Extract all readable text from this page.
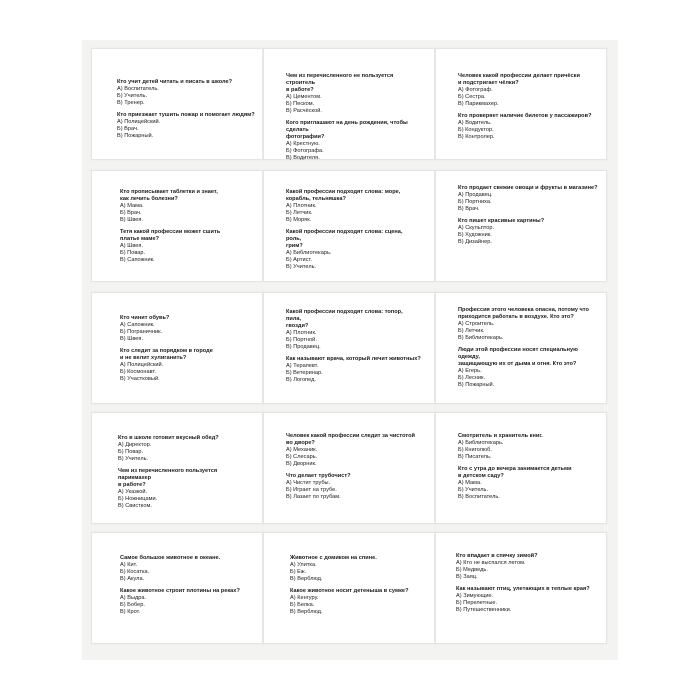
Кто учит детей читать и писать в школе?
А) Воспитатель.
Б) Учитель.
В) Тренер.
Кто приезжает тушить пожар и помогает людям?
А) Полицейский.
Б) Врач.
В) Пожарный.
Чем из перечисленного не пользуется строитель
в работе?
А) Цементом.
Б) Песком.
В) Расчёской.
Кого приглашают на день рождения, чтобы сделать
фотографии?
А) Крестную.
Б) Фотографа.
В) Водителя.
Человек какой профессии делает причёски
и подстригает чёлки?
А) Фотограф.
Б) Сестра.
В) Парикмахер.
Кто проверяет наличие билетов у пассажиров?
А) Водитель.
Б) Кондуктор.
В) Контролер.
Кто прописывает таблетки и знает,
как лечить болезни?
А) Мама.
Б) Врач.
В) Швея.
Тетя какой профессии может сшить
платье маме?
А) Швея.
Б) Повар.
В) Сапожник.
Какой профессии подходят слова: море,
корабль, тельняшка?
А) Плотник.
Б) Летчик.
В) Моряк.
Какой профессии подходят слова: сцена, роль,
грим?
А) Библиотекарь.
Б) Артист.
В) Учитель.
Кто продает свежие овощи и фрукты в магазине?
А) Продавец.
Б) Портниха.
В) Врач.
Кто пишет красивые картины?
А) Скульптор.
Б) Художник.
В) Дизайнер.
Кто чинит обувь?
А) Сапожник.
Б) Пограничник.
В) Швея.
Кто следит за порядком в городе
и не велит хулиганить?
А) Полицейский.
Б) Космонавт.
В) Участковый.
Какой профессии подходят слова: топор, пила,
гвозди?
А) Плотник.
Б) Портной.
В) Продавец.
Как называют врача, который лечит животных?
А) Терапевт.
Б) Ветеринар.
В) Логопед.
Профессия этого человека опасна, потому что
приходится работать в воздухе. Кто это?
А) Строитель.
Б) Летчик.
В) Библиотекарь.
Люди этой профессии носят специальную одежду,
защищающую их от дыма и огня. Кто это?
А) Егерь.
Б) Лесник.
В) Пожарный.
Кто в школе готовит вкусный обед?
А) Директор.
Б) Повар.
В) Учитель.
Чем из перечисленного пользуется парикмахер
в работе?
А) Указкой.
Б) Ножницами.
В) Свистком.
Человек какой профессии следит за чистотой
во дворе?
А) Механик.
Б) Слесарь.
В) Дворник.
Что делает трубочист?
А) Чистит трубы.
Б) Играет на трубе.
В) Лазает по трубам.
Смотритель и хранитель книг.
А) Библиотекарь.
Б) Книголюб.
В) Писатель.
Кто с утра до вечера занимается детьми
в детском саду?
А) Мама.
Б) Учитель.
В) Воспитатель.
Самое большое животное в океане.
А) Кит.
Б) Косатка.
В) Акула.
Какое животное строит плотины на реках?
А) Выдра.
Б) Бобер.
В) Крот.
Животное с домиком на спине.
А) Улитка.
Б) Еж.
В) Верблюд.
Какое животное носит детеныша в сумке?
А) Кенгуру.
Б) Белка.
В) Верблюд.
Кто впадает в спячку зимой?
А) Кто не выспался летом.
Б) Медведь.
В) Заяц.
Как называют птиц, улетающих в теплые края?
А) Зимующие.
Б) Перелетные.
В) Путешественники.
